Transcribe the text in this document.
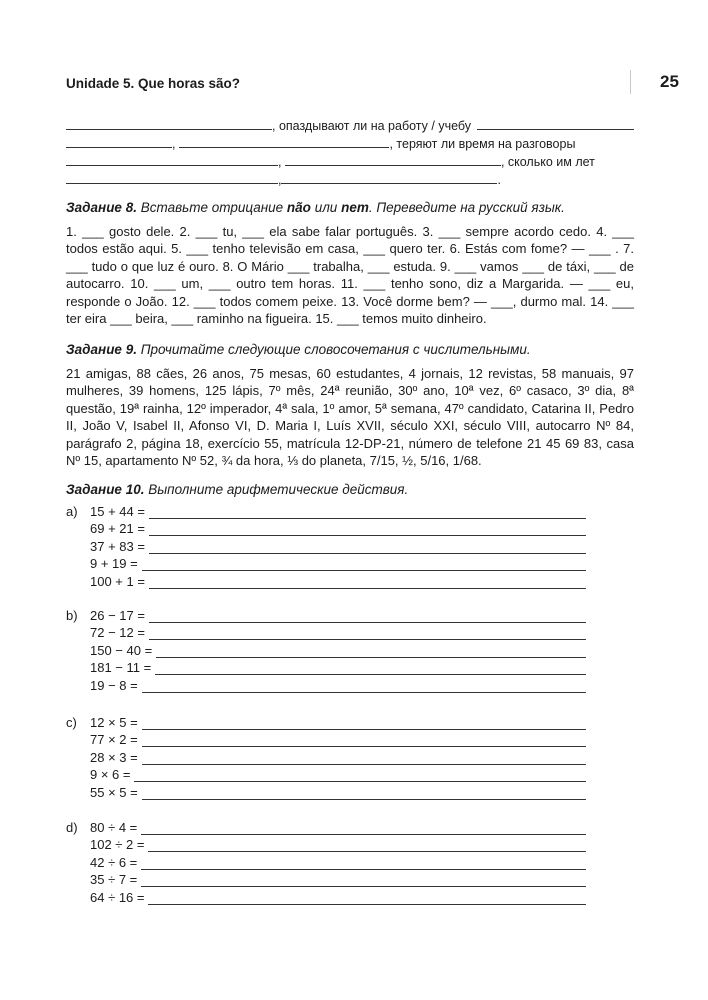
Unidade 5. Que horas são?	25
, опаздывают ли на работу / учебу
,	, теряют ли время на разговоры
,	, сколько им лет
,	.
Задание 8. Вставьте отрицание não или nem. Переведите на русский язык.
1. ___ gosto dele. 2. ___ tu, ___ ela sabe falar português. 3. ___ sempre acordo cedo. 4. ___ todos estão aqui. 5. ___ tenho televisão em casa, ___ quero ter. 6. Estás com fome? — ___ . 7. ___ tudo o que luz é ouro. 8. O Mário ___ trabalha, ___ estuda. 9. ___ vamos ___ de táxi, ___ de autocarro. 10. ___ um, ___ outro tem horas. 11. ___ tenho sono, diz a Margarida. — ___ eu, responde o João. 12. ___ todos comem peixe. 13. Você dorme bem? — ___, durmo mal. 14. ___ ter eira ___ beira, ___ raminho na figueira. 15. ___ temos muito dinheiro.
Задание 9. Прочитайте следующие словосочетания с числительными.
21 amigas, 88 cães, 26 anos, 75 mesas, 60 estudantes, 4 jornais, 12 revistas, 58 manuais, 97 mulheres, 39 homens, 125 lápis, 7º mês, 24ª reunião, 30º ano, 10ª vez, 6º casaco, 3º dia, 8ª questão, 19ª rainha, 12º imperador, 4ª sala, 1º amor, 5ª semana, 47º candidato, Catarina II, Pedro II, João V, Isabel II, Afonso VI, D. Maria I, Luís XVII, século XXI, século VIII, autocarro Nº 84, parágrafo 2, página 18, exercício 55, matrícula 12-DP-21, número de telefone 21 45 69 83, casa Nº 15, apartamento Nº 52, ¾ da hora, ⅓ do planeta, 7/15, ½, 5/16, 1/68.
Задание 10. Выполните арифметические действия.
a) 15 + 44 =
69 + 21 =
37 + 83 =
9 + 19 =
100 + 1 =
b) 26 − 17 =
72 − 12 =
150 − 40 =
181 − 11 =
19 − 8 =
c)	12 × 5 =
77 × 2 =
28 × 3 =
9 × 6 =
55 × 5 =
d) 80 ÷ 4 =
102 ÷ 2 =
42 ÷ 6 =
35 ÷ 7 =
64 ÷ 16 =
